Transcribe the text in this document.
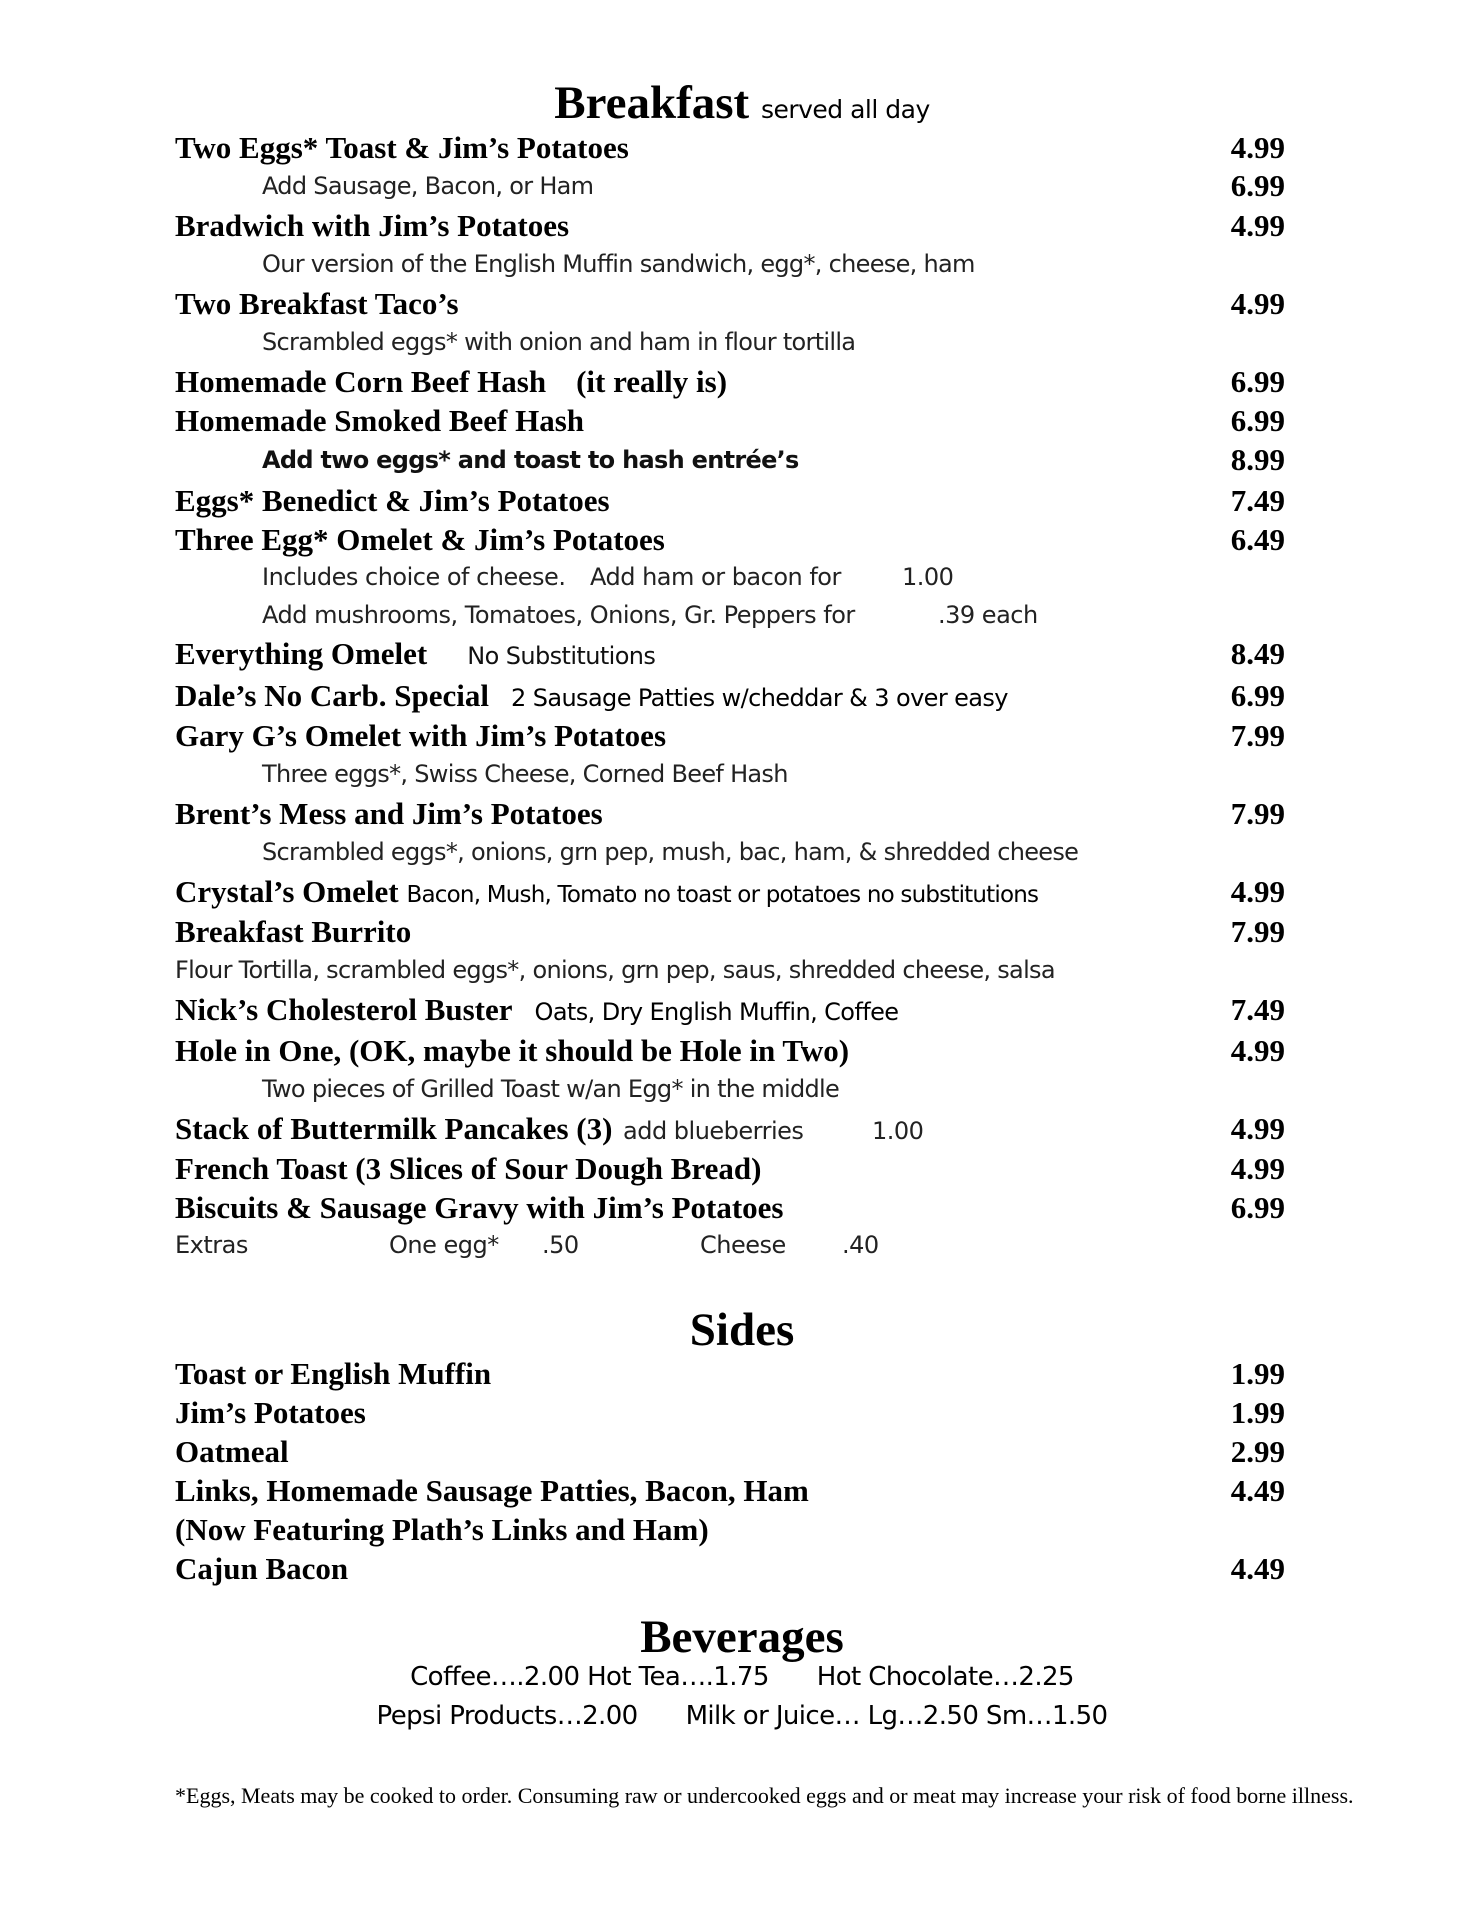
Breakfast served all day
Two Eggs* Toast & Jim’s Potatoes	4.99
Add Sausage, Bacon, or Ham	6.99
Bradwich with Jim’s Potatoes	4.99
Our version of the English Muffin sandwich, egg*, cheese, ham
Two Breakfast Taco’s	4.99
Scrambled eggs* with onion and ham in flour tortilla
Homemade Corn Beef Hash (it really is)	6.99
Homemade Smoked Beef Hash	6.99
Add two eggs* and toast to hash entrée’s	8.99
Eggs* Benedict & Jim’s Potatoes	7.49
Three Egg* Omelet & Jim’s Potatoes	6.49
Includes choice of cheese. Add ham or bacon for	1.00
Add mushrooms, Tomatoes, Onions, Gr. Peppers for	.39 each
Everything Omelet No Substitutions	8.49
Dale’s No Carb. Special 2 Sausage Patties w/cheddar & 3 over easy	6.99
Gary G’s Omelet with Jim’s Potatoes	7.99
Three eggs*, Swiss Cheese, Corned Beef Hash
Brent’s Mess and Jim’s Potatoes	7.99
Scrambled eggs*, onions, grn pep, mush, bac, ham, & shredded cheese
Crystal’s Omelet Bacon, Mush, Tomato no toast or potatoes no substitutions	4.99
Breakfast Burrito	7.99
Flour Tortilla, scrambled eggs*, onions, grn pep, saus, shredded cheese, salsa
Nick’s Cholesterol Buster Oats, Dry English Muffin, Coffee	7.49
Hole in One, (OK, maybe it should be Hole in Two)	4.99
Two pieces of Grilled Toast w/an Egg* in the middle
Stack of Buttermilk Pancakes (3) add blueberries	1.00	4.99
French Toast (3 Slices of Sour Dough Bread)	4.99
Biscuits & Sausage Gravy with Jim’s Potatoes	6.99
Extras	One egg* .50	Cheese .40
Sides
Toast or English Muffin	1.99
Jim’s Potatoes	1.99
Oatmeal	2.99
Links, Homemade Sausage Patties, Bacon, Ham	4.49
(Now Featuring Plath’s Links and Ham)
Cajun Bacon	4.49
Beverages
Coffee….2.00 Hot Tea….1.75 Hot Chocolate…2.25
Pepsi Products…2.00 Milk or Juice… Lg…2.50 Sm…1.50
*Eggs, Meats may be cooked to order. Consuming raw or undercooked eggs and or meat may increase your risk of food borne illness.
